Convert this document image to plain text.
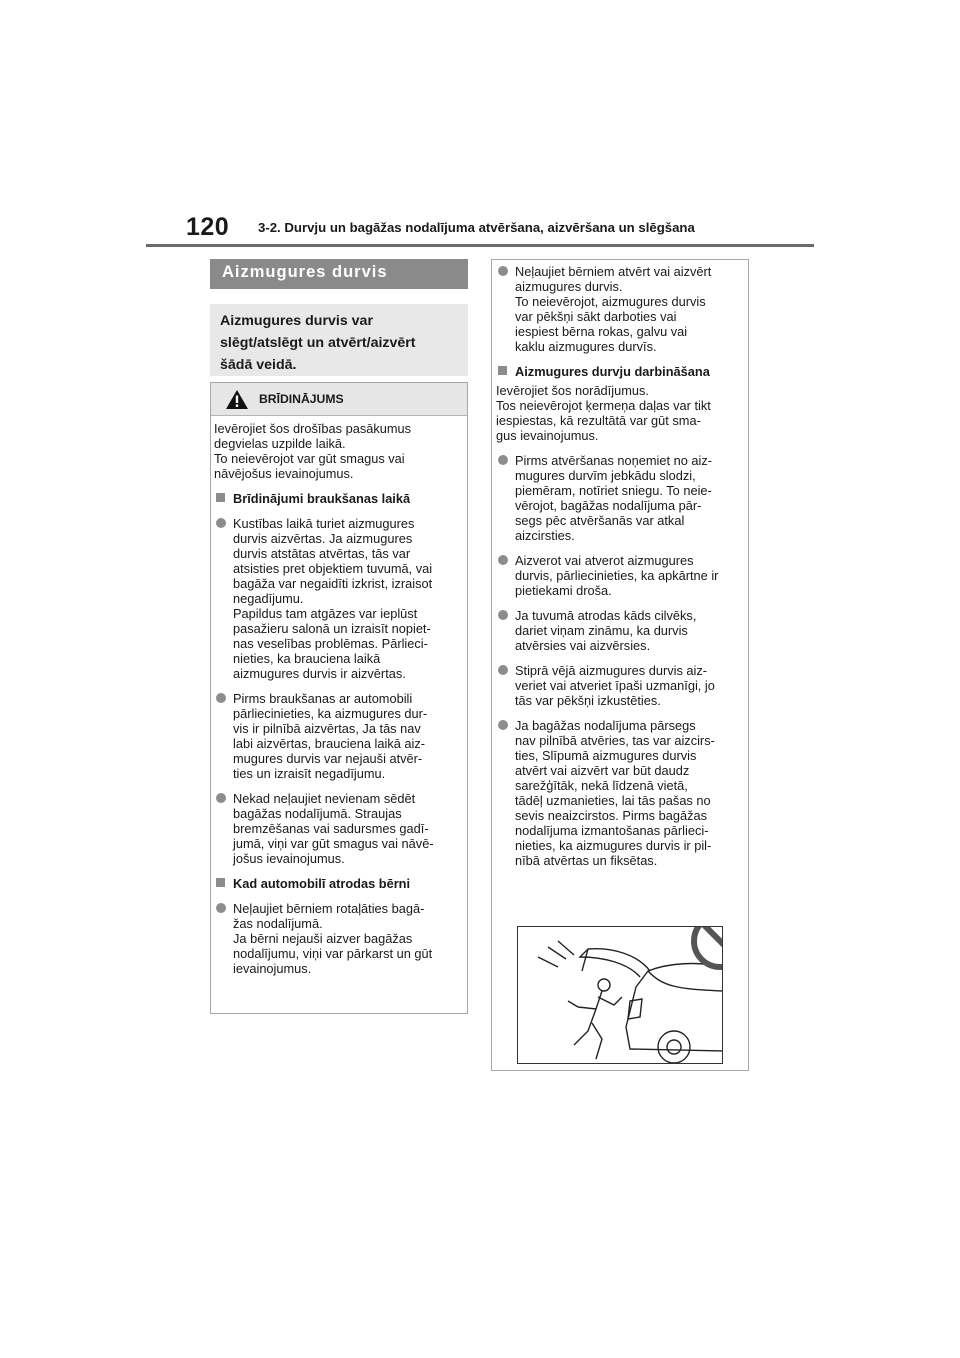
120 3-2. Durvju un bagāžas nodalījuma atvēršana, aizvēršana un slēgšana
Aizmugures durvis
Aizmugures durvis var
slēgt/atslēgt un atvērt/aizvērt
šādā veidā.
BRĪDINĀJUMS

Ievērojiet šos drošības pasākumus
degvielas uzpilde laikā.
To neievērojot var gūt smagus vai
nāvējošus ievainojumus.

Brīdinājumi braukšanas laikā
Kustības laikā turiet aizmugures
durvis aizvērtas. Ja aizmugures
durvis atstātas atvērtas, tās var
atsisties pret objektiem tuvumā, vai
bagāža var negaidīti izkrist, izraisot
negadījumu.
Papildus tam atgāzes var ieplūst
pasažieru salonā un izraisīt nopiet-
nas veselības problēmas. Pārlieci-
nieties, ka brauciena laikā
aizmugures durvis ir aizvērtas.
Pirms braukšanas ar automobili
pārliecinieties, ka aizmugures dur-
vis ir pilnībā aizvērtas, Ja tās nav
labi aizvērtas, brauciena laikā aiz-
mugures durvis var nejauši atvēr-
ties un izraisīt negadījumu.
Nekad neļaujiet nevienam sēdēt
bagāžas nodalījumā. Straujas
bremzēšanas vai sadursmes gadī-
jumā, viņi var gūt smagus vai nāvē-
jošus ievainojumus.
Kad automobilī atrodas bērni
Neļaujiet bērniem rotaļāties bagā-
žas nodalījumā.
Ja bērni nejauši aizver bagāžas
nodalījumu, viņi var pārkarst un gūt
ievainojumus.
Neļaujiet bērniem atvērt vai aizvērt
aizmugures durvis.
To neievērojot, aizmugures durvis
var pēkšņi sākt darboties vai
iespiest bērna rokas, galvu vai
kaklu aizmugures durvīs.
Aizmugures durvju darbināšana

Ievērojiet šos norādījumus.
Tos neievērojot ķermeņa daļas var tikt
iespiestas, kā rezultātā var gūt sma-
gus ievainojumus.

Pirms atvēršanas noņemiet no aiz-
mugures durvīm jebkādu slodzi,
piemēram, notīriet sniegu. To neie-
vērojot, bagāžas nodalījuma pār-
segs pēc atvēršanās var atkal
aizcirsties.
Aizverot vai atverot aizmugures
durvis, pārliecinieties, ka apkārtne ir
pietiekami droša.
Ja tuvumā atrodas kāds cilvēks,
dariet viņam zināmu, ka durvis
atvērsies vai aizvērsies.
Stiprā vējā aizmugures durvis aiz-
veriet vai atveriet īpaši uzmanīgi, jo
tās var pēkšņi izkustēties.
Ja bagāžas nodalījuma pārsegs
nav pilnībā atvēries, tas var aizcirs-
ties, Slīpumā aizmugures durvis
atvērt vai aizvērt var būt daudz
sarežģītāk, nekā līdzenā vietā,
tādēļ uzmanieties, lai tās pašas no
sevis neaizcirstos. Pirms bagāžas
nodalījuma izmantošanas pārlieci-
nieties, ka aizmugures durvis ir pil-
nībā atvērtas un fiksētas.
